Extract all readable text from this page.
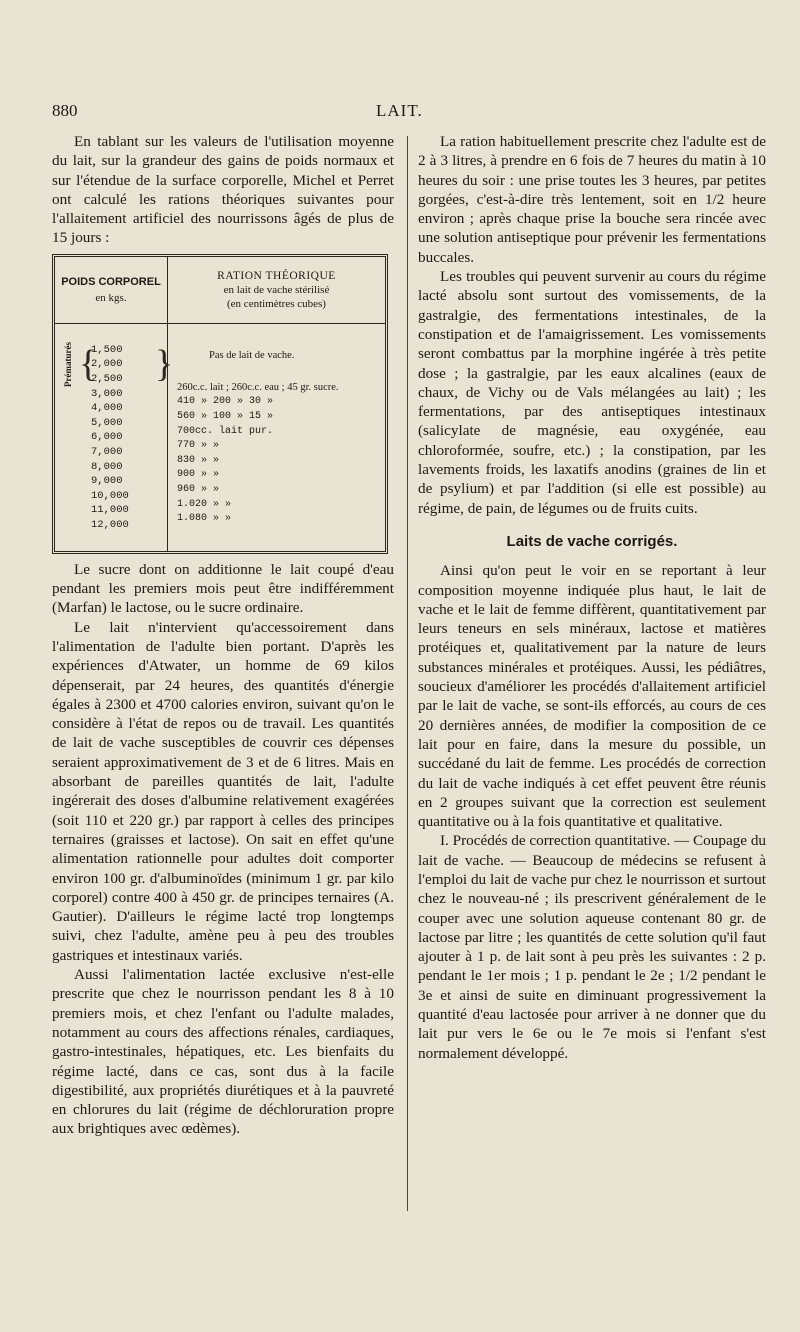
880	LAIT.

En tablant sur les valeurs de l'utilisation moyenne du lait, sur la grandeur des gains de poids normaux et sur l'étendue de la surface corporelle, Michel et Perret ont calculé les rations théoriques suivantes pour l'allaitement artificiel des nourrissons âgés de plus de 15 jours :

POIDS CORPOREL
en kgs.
RATION THÉORIQUE
en lait de vache stérilisé
(en centimètres cubes)
Prématurés { }
1,500
2,000
2,500
3,000
4,000
5,000
6,000
7,000
8,000
9,000
10,000
11,000
12,000
Pas de lait de vache.
260c.c. lait ; 260c.c. eau ; 45 gr. sucre.
410 » 200 » 30 »
560 » 100 » 15 »
700cc. lait pur.
770 » »
830 » »
900 » »
960 » »
1.020 » »
1.080 » »

Le sucre dont on additionne le lait coupé d'eau pendant les premiers mois peut être indifféremment (Marfan) le lactose, ou le sucre ordinaire.

Le lait n'intervient qu'accessoirement dans l'alimentation de l'adulte bien portant. D'après les expériences d'Atwater, un homme de 69 kilos dépenserait, par 24 heures, des quantités d'énergie égales à 2300 et 4700 calories environ, suivant qu'on le considère à l'état de repos ou de travail. Les quantités de lait de vache susceptibles de couvrir ces dépenses seraient approximativement de 3 et de 6 litres. Mais en absorbant de pareilles quantités de lait, l'adulte ingérerait des doses d'albumine relativement exagérées (soit 110 et 220 gr.) par rapport à celles des principes ternaires (graisses et lactose). On sait en effet qu'une alimentation rationnelle pour adultes doit comporter environ 100 gr. d'albuminoïdes (minimum 1 gr. par kilo corporel) contre 400 à 450 gr. de principes ternaires (A. Gautier). D'ailleurs le régime lacté trop longtemps suivi, chez l'adulte, amène peu à peu des troubles gastriques et intestinaux variés.

Aussi l'alimentation lactée exclusive n'est-elle prescrite que chez le nourrisson pendant les 8 à 10 premiers mois, et chez l'enfant ou l'adulte malades, notamment au cours des affections rénales, cardiaques, gastro-intestinales, hépatiques, etc. Les bienfaits du régime lacté, dans ce cas, sont dus à la facile digestibilité, aux propriétés diurétiques et à la pauvreté en chlorures du lait (régime de déchloruration propre aux brightiques avec œdèmes).

La ration habituellement prescrite chez l'adulte est de 2 à 3 litres, à prendre en 6 fois de 7 heures du matin à 10 heures du soir : une prise toutes les 3 heures, par petites gorgées, c'est-à-dire très lentement, soit en 1/2 heure environ ; après chaque prise la bouche sera rincée avec une solution antiseptique pour prévenir les fermentations buccales.

Les troubles qui peuvent survenir au cours du régime lacté absolu sont surtout des vomissements, de la gastralgie, des fermentations intestinales, de la constipation et de l'amaigrissement. Les vomissements seront combattus par la morphine ingérée à très petite dose ; la gastralgie, par les eaux alcalines (eaux de chaux, de Vichy ou de Vals mélangées au lait) ; les fermentations, par des antiseptiques intestinaux (salicylate de magnésie, eau oxygénée, eau chloroformée, soufre, etc.) ; la constipation, par les lavements froids, les laxatifs anodins (graines de lin et de psylium) et par l'addition (si elle est possible) au régime, de pain, de légumes ou de fruits cuits.

Laits de vache corrigés.

Ainsi qu'on peut le voir en se reportant à leur composition moyenne indiquée plus haut, le lait de vache et le lait de femme diffèrent, quantitativement par leurs teneurs en sels minéraux, lactose et matières protéiques et, qualitativement par la nature de leurs substances minérales et protéiques. Aussi, les pédiâtres, soucieux d'améliorer les procédés d'allaitement artificiel par le lait de vache, se sont-ils efforcés, au cours de ces 20 dernières années, de modifier la composition de ce lait pour en faire, dans la mesure du possible, un succédané du lait de femme. Les procédés de correction du lait de vache indiqués à cet effet peuvent être réunis en 2 groupes suivant que la correction est seulement quantitative ou à la fois quantitative et qualitative.

I. Procédés de correction quantitative. — Coupage du lait de vache. — Beaucoup de médecins se refusent à l'emploi du lait de vache pur chez le nourrisson et surtout chez le nouveau-né ; ils prescrivent généralement de le couper avec une solution aqueuse contenant 80 gr. de lactose par litre ; les quantités de cette solution qu'il faut ajouter à 1 p. de lait sont à peu près les suivantes : 2 p. pendant le 1er mois ; 1 p. pendant le 2e ; 1/2 pendant le 3e et ainsi de suite en diminuant progressivement la quantité d'eau lactosée pour arriver à ne donner que du lait pur vers le 6e ou le 7e mois si l'enfant s'est normalement développé.
